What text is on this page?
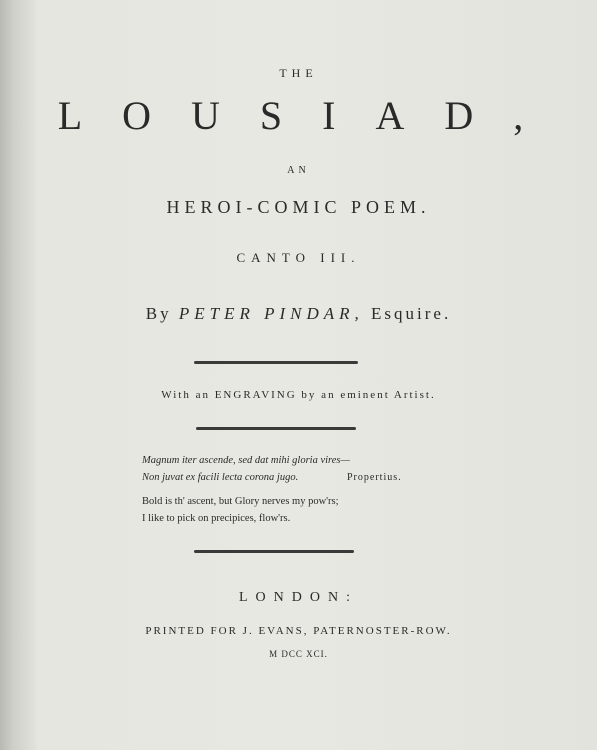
THE
LOUSIAD,
AN
HEROI-COMIC POEM.
CANTO III.
By PETER PINDAR, Esquire.
With an ENGRAVING by an eminent Artist.
Magnum iter ascende, sed dat mihi gloria vires—
Non juvat ex facili lecta corona jugo.	Propertius.
Bold is th' ascent, but Glory nerves my pow'rs;
I like to pick on precipices, flow'rs.
LONDON:
PRINTED FOR J. EVANS, PATERNOSTER-ROW.
M DCC XCI.
